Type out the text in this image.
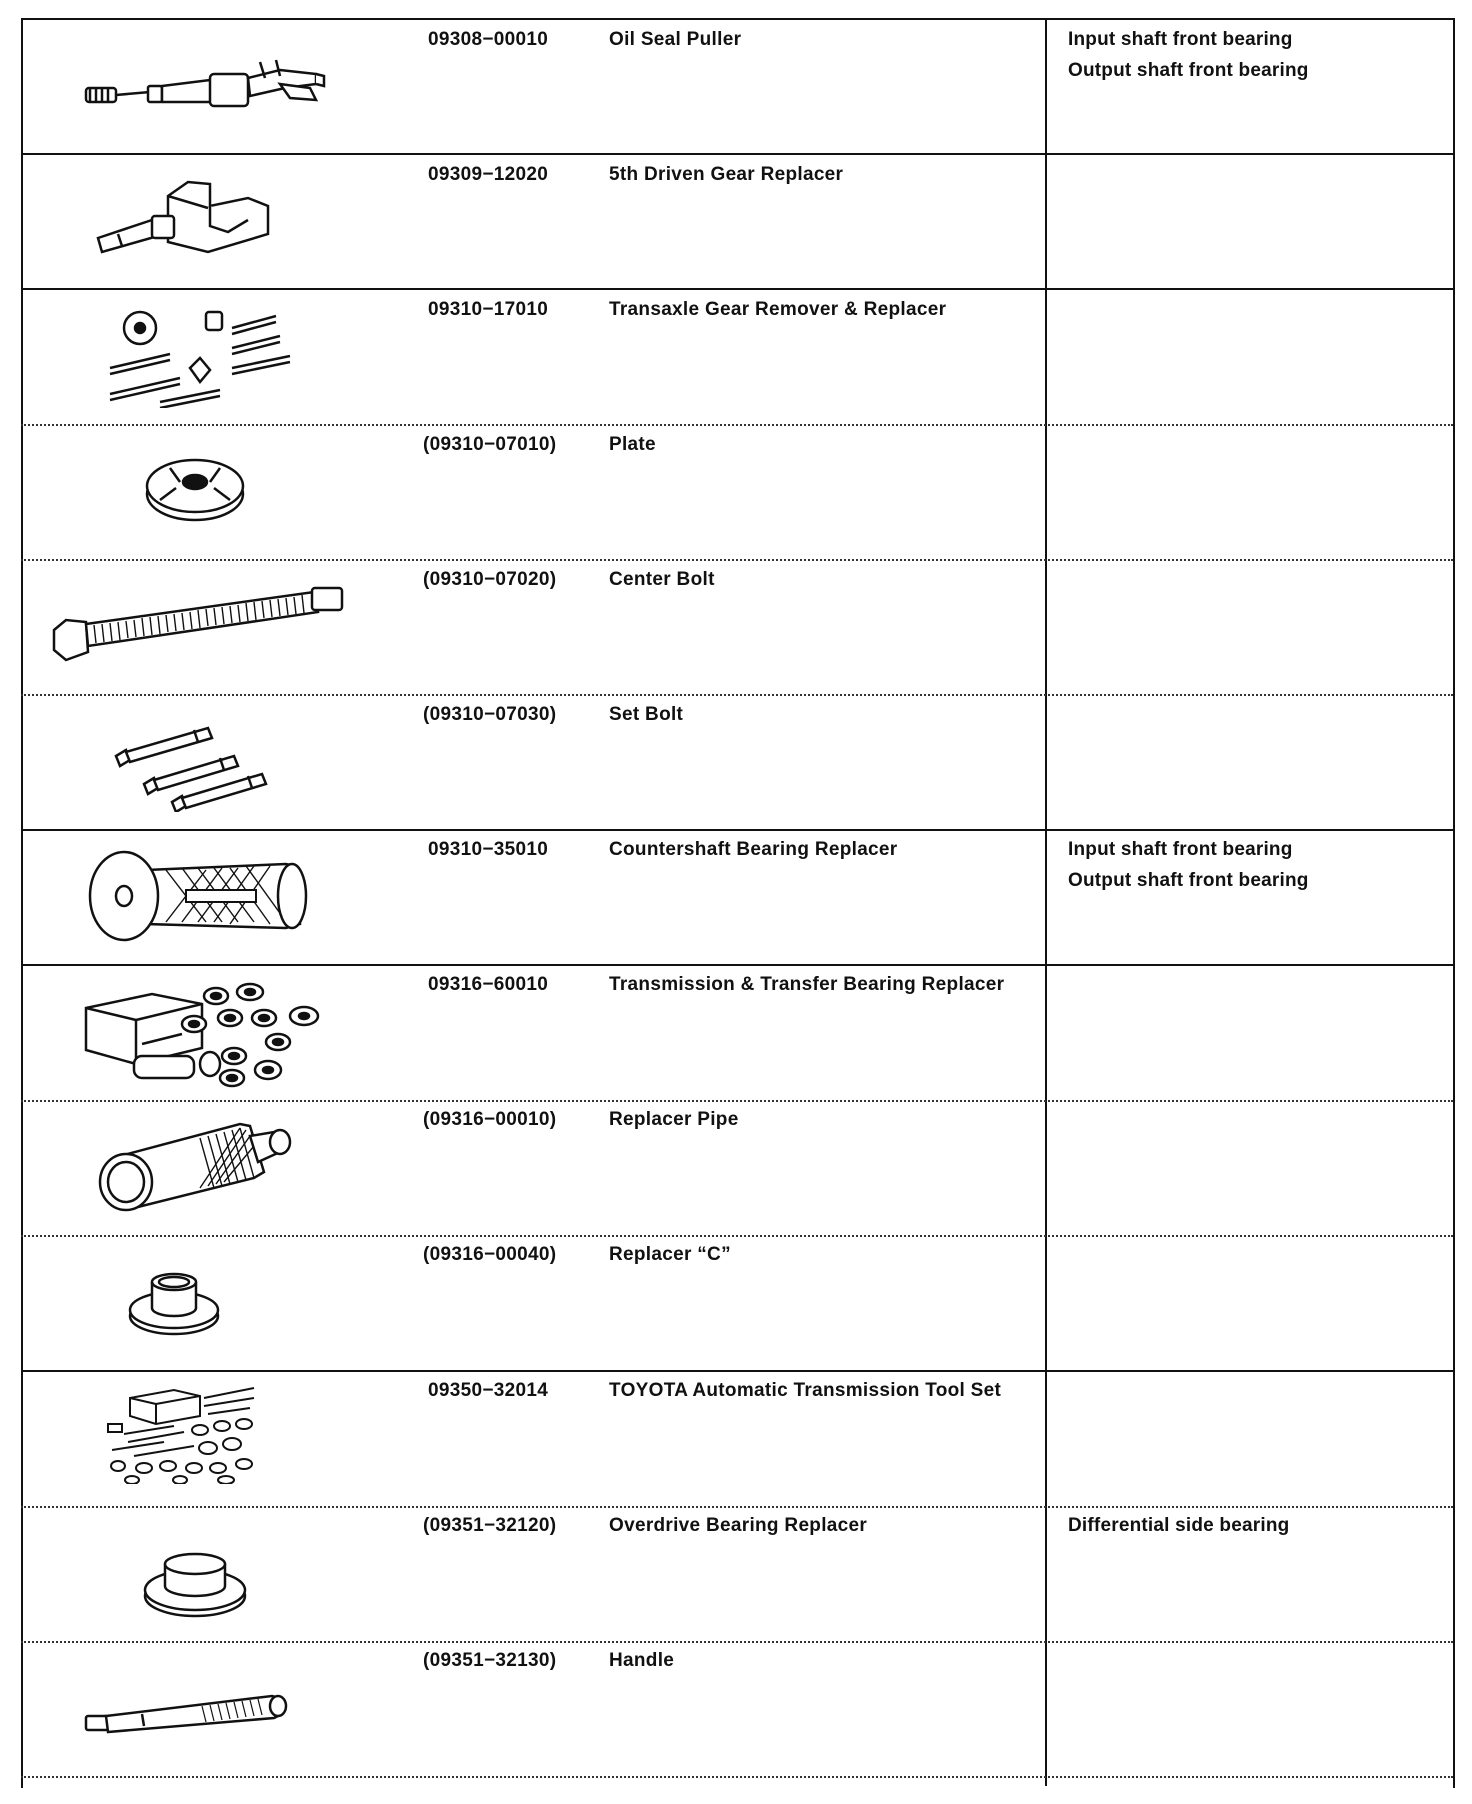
09308−00010	Oil Seal Puller	Input shaft front bearing
Output shaft front bearing
09309−12020	5th Driven Gear Replacer
09310−17010	Transaxle Gear Remover & Replacer
(09310−07010)	Plate
(09310−07020)	Center Bolt
(09310−07030)	Set Bolt
09310−35010	Countershaft Bearing Replacer	Input shaft front bearing
Output shaft front bearing
09316−60010	Transmission & Transfer Bearing Replacer
(09316−00010)	Replacer Pipe
(09316−00040)	Replacer “C”
09350−32014	TOYOTA Automatic Transmission Tool Set
(09351−32120)	Overdrive Bearing Replacer	Differential side bearing
(09351−32130)	Handle
